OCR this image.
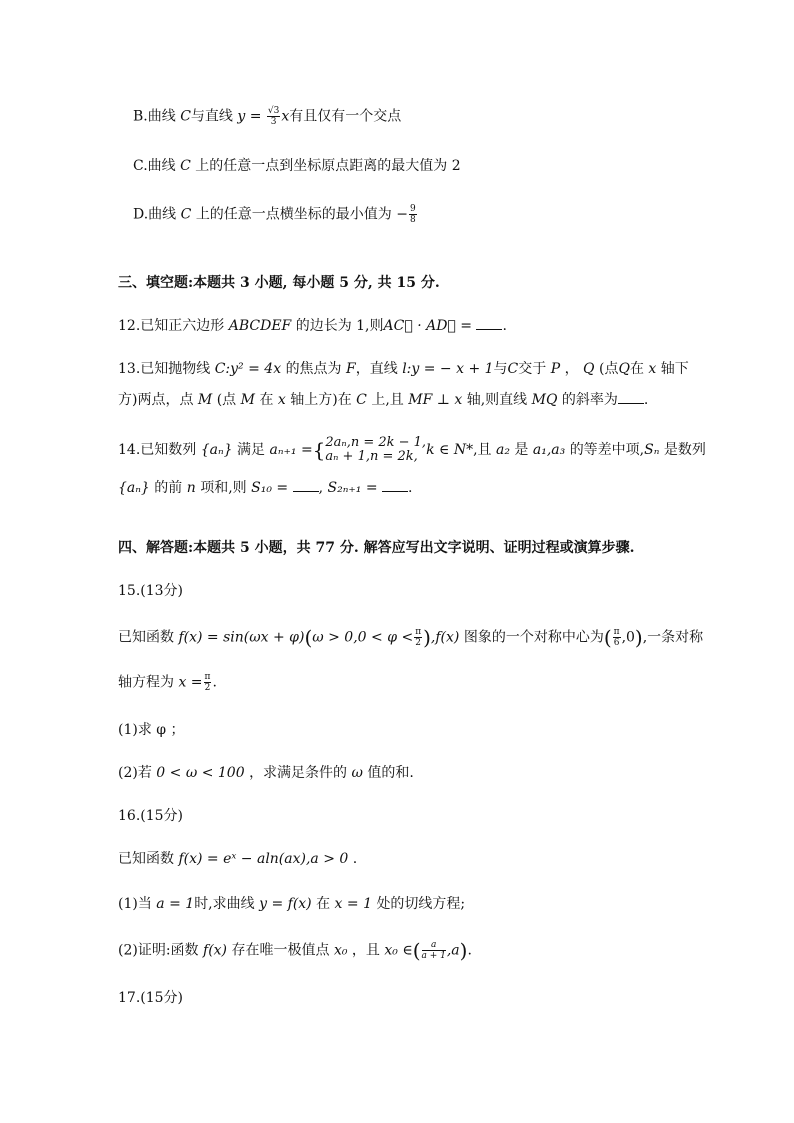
B.曲线 C与直线 $y = \frac{√3}{3}$ x有且仅有一个交点
C.曲线 C 上的任意一点到坐标原点距离的最大值为 2
D.曲线 C 上的任意一点横坐标的最小值为 − $\frac{9}{8}$
三、填空题:本题共 3 小题, 每小题 5 分, 共 15 分.
12.已知正六边形 ABCDEF 的边长为 1,则AC⃗ · AD⃗ = .
13.已知抛物线 C:y² = 4x 的焦点为 F，直线 l:y = − x + 1与C交于 P ， Q (点Q在 x 轴下
方)两点，点 M (点 M 在 x 轴上方)在 C 上,且 MF ⊥ x 轴,则直线 MQ 的斜率为 .
14.已知数列 {aₙ} 满足 aₙ₊₁ ={ 2aₙ,n = 2k − 1,
aₙ + 1,n = 2k, k ∈ N*,且 a₂ 是 a₁,a₃ 的等差中项,Sₙ 是数列
{aₙ} 的前 n 项和,则 S₁₀ = , S₂ₙ₊₁ = .
四、解答题:本题共 5 小题，共 77 分. 解答应写出文字说明、证明过程或演算步骤.
15.(13分)
已知函数 $f(x) = \sin(\omega x + \varphi)(\omega > 0,0 < \varphi < \frac{\pi}{2} ),f(x)$ 图象的一个对称中心为( $\frac{\pi}{6} ,0$),一条对称
轴方程为 $x = \frac{\pi}{2}$ .
(1)求 φ ；
(2)若 0 < ω < 100 ，求满足条件的 ω 值的和.
16.(15分)
已知函数 f(x) = eˣ − aln(ax),a > 0 .
(1)当 a = 1时,求曲线 y = f(x) 在 x = 1 处的切线方程;
(2)证明:函数 f(x) 存在唯一极值点 x₀ ，且 x₀ ∈( $\frac{a}{a + 1} ,a$).
17.(15分)
